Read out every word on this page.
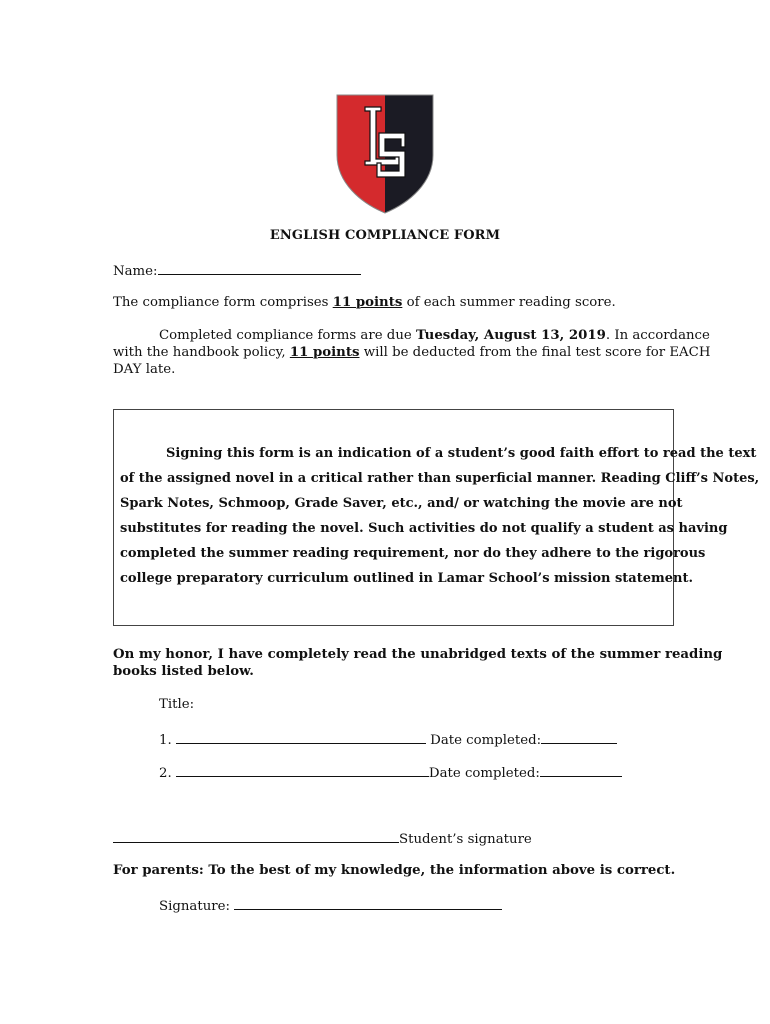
ENGLISH COMPLIANCE FORM
Name:
The compliance form comprises 11 points of each summer reading score.
Completed compliance forms are due Tuesday, August 13, 2019. In accordance
with the handbook policy, 11 points will be deducted from the final test score for EACH
DAY late.
Signing this form is an indication of a student’s good faith effort to read the text
of the assigned novel in a critical rather than superficial manner. Reading Cliff’s Notes,
Spark Notes, Schmoop, Grade Saver, etc., and/ or watching the movie are not
substitutes for reading the novel. Such activities do not qualify a student as having
completed the summer reading requirement, nor do they adhere to the rigorous
college preparatory curriculum outlined in Lamar School’s mission statement.
On my honor, I have completely read the unabridged texts of the summer reading
books listed below.
Title:
1.	Date completed:
2.	Date completed:
Student’s signature
For parents: To the best of my knowledge, the information above is correct.
Signature:
